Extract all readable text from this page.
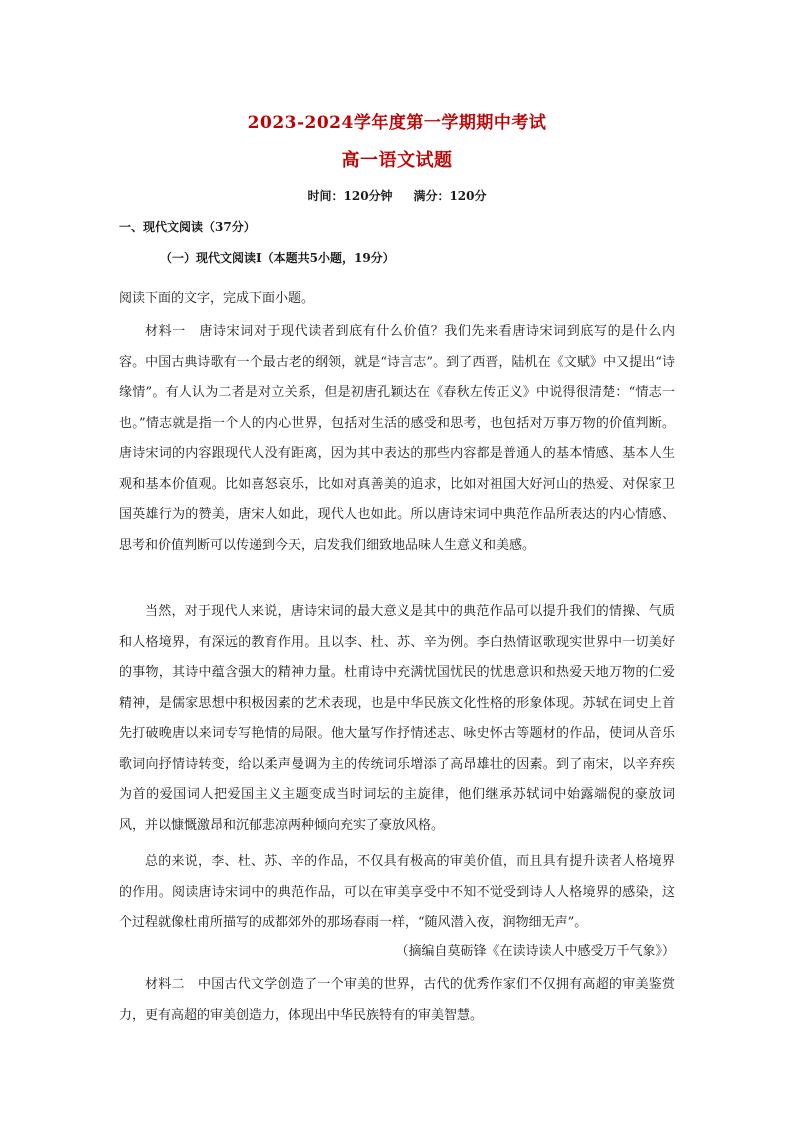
2023-2024学年度第一学期期中考试
高一语文试题
时间：120分钟     满分：120分
一、现代文阅读（37分）
（一）现代文阅读Ⅰ（本题共5小题，19分）
阅读下面的文字，完成下面小题。

材料一　唐诗宋词对于现代读者到底有什么价值？我们先来看唐诗宋词到底写的是什么内容。中国古典诗歌有一个最古老的纲领，就是“诗言志”。到了西晋，陆机在《文赋》中又提出“诗缘情”。有人认为二者是对立关系，但是初唐孔颖达在《春秋左传正义》中说得很清楚：“情志一也。”情志就是指一个人的内心世界，包括对生活的感受和思考，也包括对万事万物的价值判断。唐诗宋词的内容跟现代人没有距离，因为其中表达的那些内容都是普通人的基本情感、基本人生观和基本价值观。比如喜怒哀乐，比如对真善美的追求，比如对祖国大好河山的热爱、对保家卫国英雄行为的赞美，唐宋人如此，现代人也如此。所以唐诗宋词中典范作品所表达的内心情感、思考和价值判断可以传递到今天，启发我们细致地品味人生意义和美感。

当然，对于现代人来说，唐诗宋词的最大意义是其中的典范作品可以提升我们的情操、气质和人格境界，有深远的教育作用。且以李、杜、苏、辛为例。李白热情讴歌现实世界中一切美好的事物，其诗中蕴含强大的精神力量。杜甫诗中充满忧国忧民的忧患意识和热爱天地万物的仁爱精神，是儒家思想中积极因素的艺术表现，也是中华民族文化性格的形象体现。苏轼在词史上首先打破晚唐以来词专写艳情的局限。他大量写作抒情述志、咏史怀古等题材的作品，使词从音乐歌词向抒情诗转变，给以柔声曼调为主的传统词乐增添了高昂雄壮的因素。到了南宋，以辛弃疾为首的爱国词人把爱国主义主题变成当时词坛的主旋律，他们继承苏轼词中始露端倪的豪放词风，并以慷慨激昂和沉郁悲凉两种倾向充实了豪放风格。

总的来说，李、杜、苏、辛的作品，不仅具有极高的审美价值，而且具有提升读者人格境界的作用。阅读唐诗宋词中的典范作品，可以在审美享受中不知不觉受到诗人人格境界的感染，这个过程就像杜甫所描写的成都郊外的那场春雨一样，“随风潜入夜，润物细无声”。

（摘编自莫砺锋《在读诗读人中感受万千气象》）

材料二　中国古代文学创造了一个审美的世界，古代的优秀作家们不仅拥有高超的审美鉴赏力，更有高超的审美创造力，体现出中华民族特有的审美智慧。
